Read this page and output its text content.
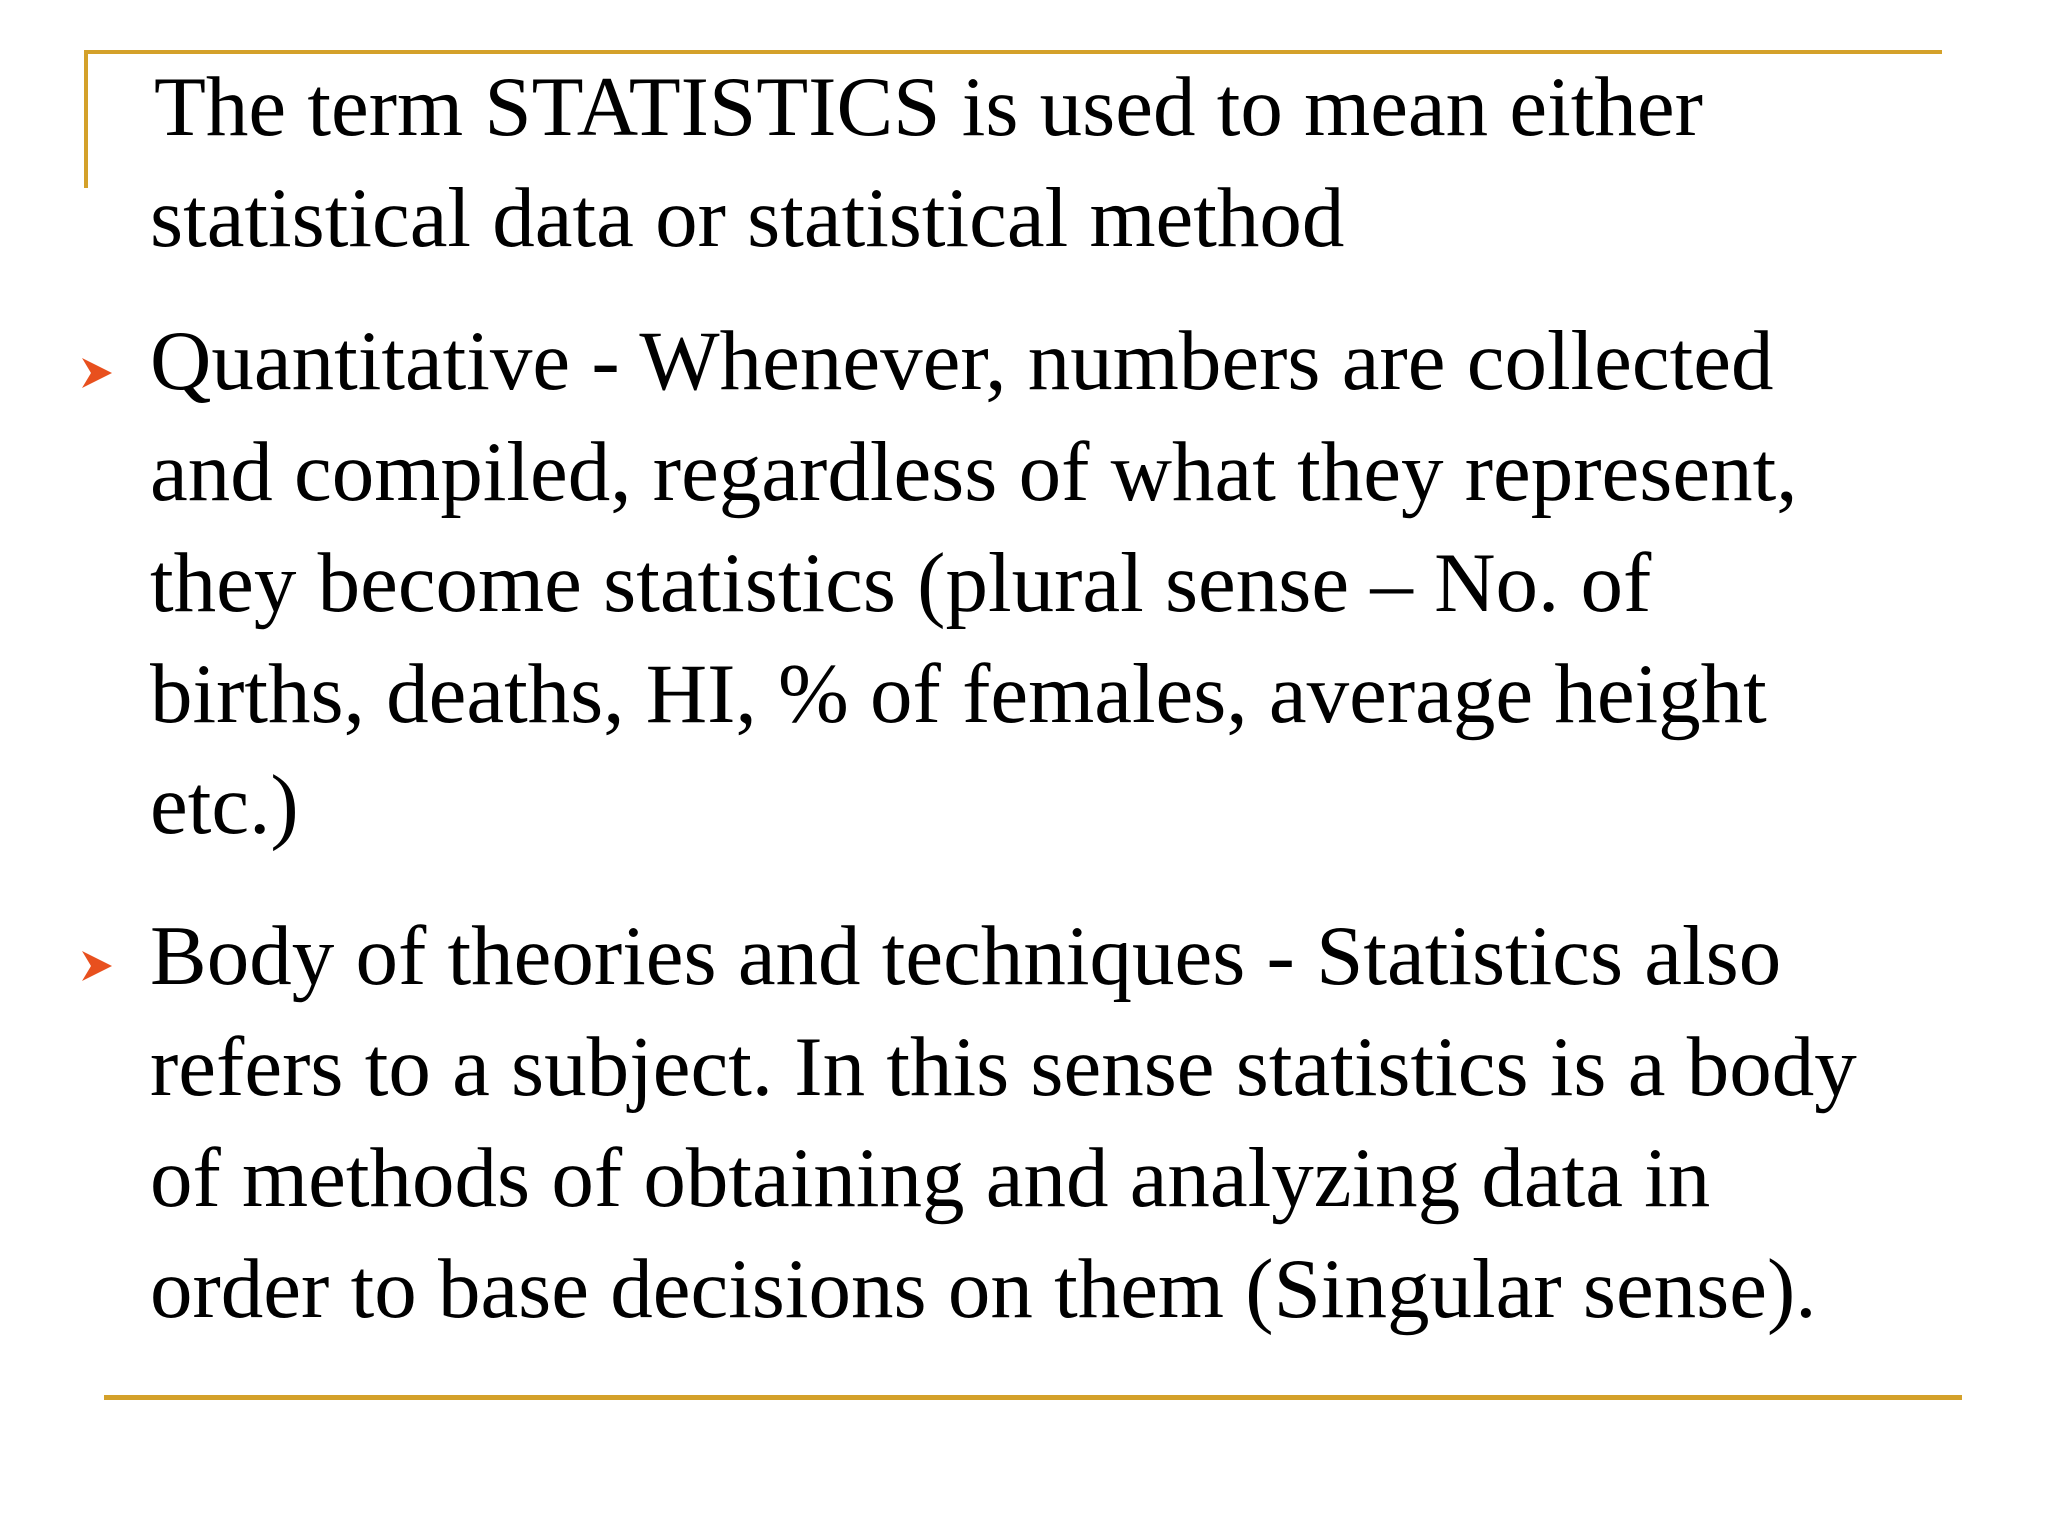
The term STATISTICS is used to mean either
statistical data or statistical method
Quantitative - Whenever, numbers are collected
and compiled, regardless of what they represent,
they become statistics (plural sense – No. of
births, deaths, HI, % of females, average height
etc.)
Body of theories and techniques - Statistics also
refers to a subject. In this sense statistics is a body
of methods of obtaining and analyzing data in
order to base decisions on them (Singular sense).
